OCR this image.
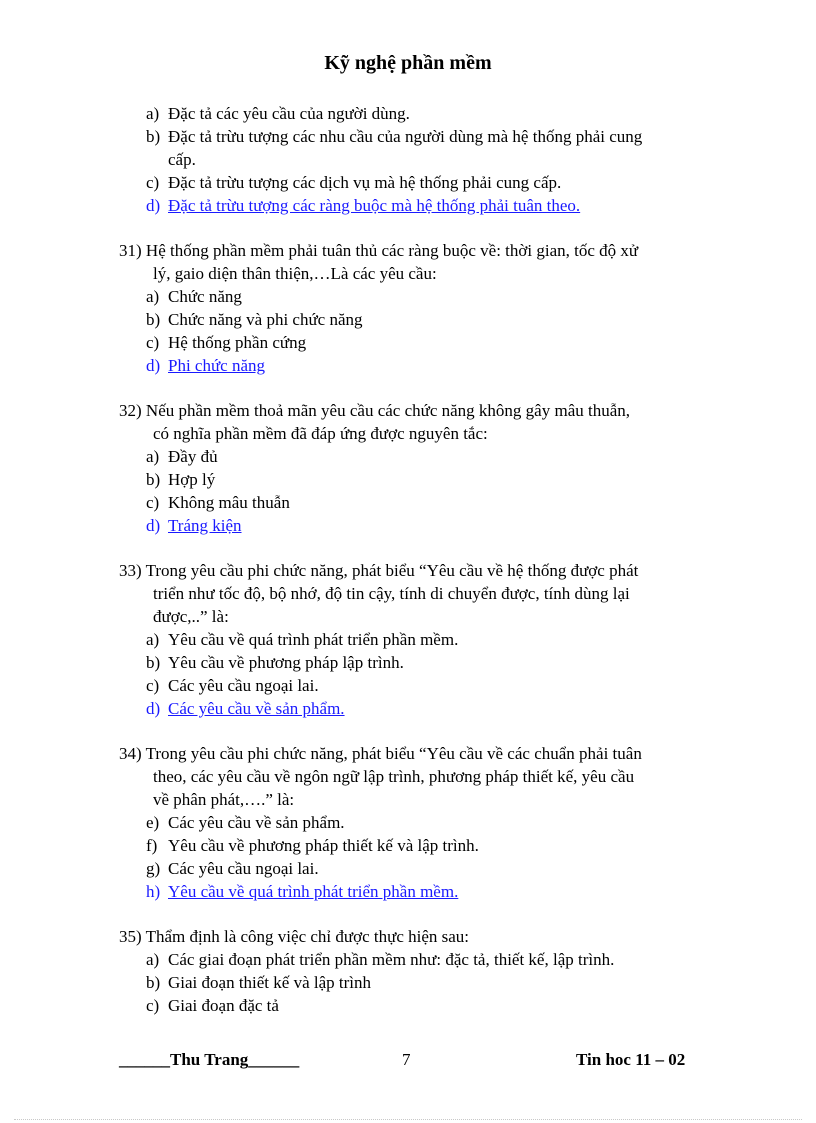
Kỹ nghệ phần mềm
a) Đặc tả các yêu cầu của người dùng.
b) Đặc tả trừu tượng các nhu cầu của người dùng mà hệ thống phải cung
cấp.
c) Đặc tả trừu tượng các dịch vụ mà hệ thống phải cung cấp.
d) Đặc tả trừu tượng các ràng buộc mà hệ thống phải tuân theo.
31) Hệ thống phần mềm phải tuân thủ các ràng buộc về: thời gian, tốc độ xử
lý, gaio diện thân thiện,…Là các yêu cầu:
a) Chức năng
b) Chức năng và phi chức năng
c) Hệ thống phần cứng
d) Phi chức năng
32) Nếu phần mềm thoả mãn yêu cầu các chức năng không gây mâu thuẫn,
có nghĩa phần mềm đã đáp ứng được nguyên tắc:
a) Đầy đủ
b) Hợp lý
c) Không mâu thuẫn
d) Tráng kiện
33) Trong yêu cầu phi chức năng, phát biểu “Yêu cầu về hệ thống được phát
triển như tốc độ, bộ nhớ, độ tin cậy, tính di chuyển được, tính dùng lại
được,..” là:
a) Yêu cầu về quá trình phát triển phần mềm.
b) Yêu cầu về phương pháp lập trình.
c) Các yêu cầu ngoại lai.
d) Các yêu cầu về sản phẩm.
34) Trong yêu cầu phi chức năng, phát biểu “Yêu cầu về các chuẩn phải tuân
theo, các yêu cầu về ngôn ngữ lập trình, phương pháp thiết kế, yêu cầu
về phân phát,….” là:
e) Các yêu cầu về sản phẩm.
f) Yêu cầu về phương pháp thiết kế và lập trình.
g) Các yêu cầu ngoại lai.
h) Yêu cầu về quá trình phát triển phần mềm.
35) Thẩm định là công việc chỉ được thực hiện sau:
a) Các giai đoạn phát triển phần mềm như: đặc tả, thiết kế, lập trình.
b) Giai đoạn thiết kế và lập trình
c) Giai đoạn đặc tả
______Thu Trang______	7	Tin hoc 11 – 02
